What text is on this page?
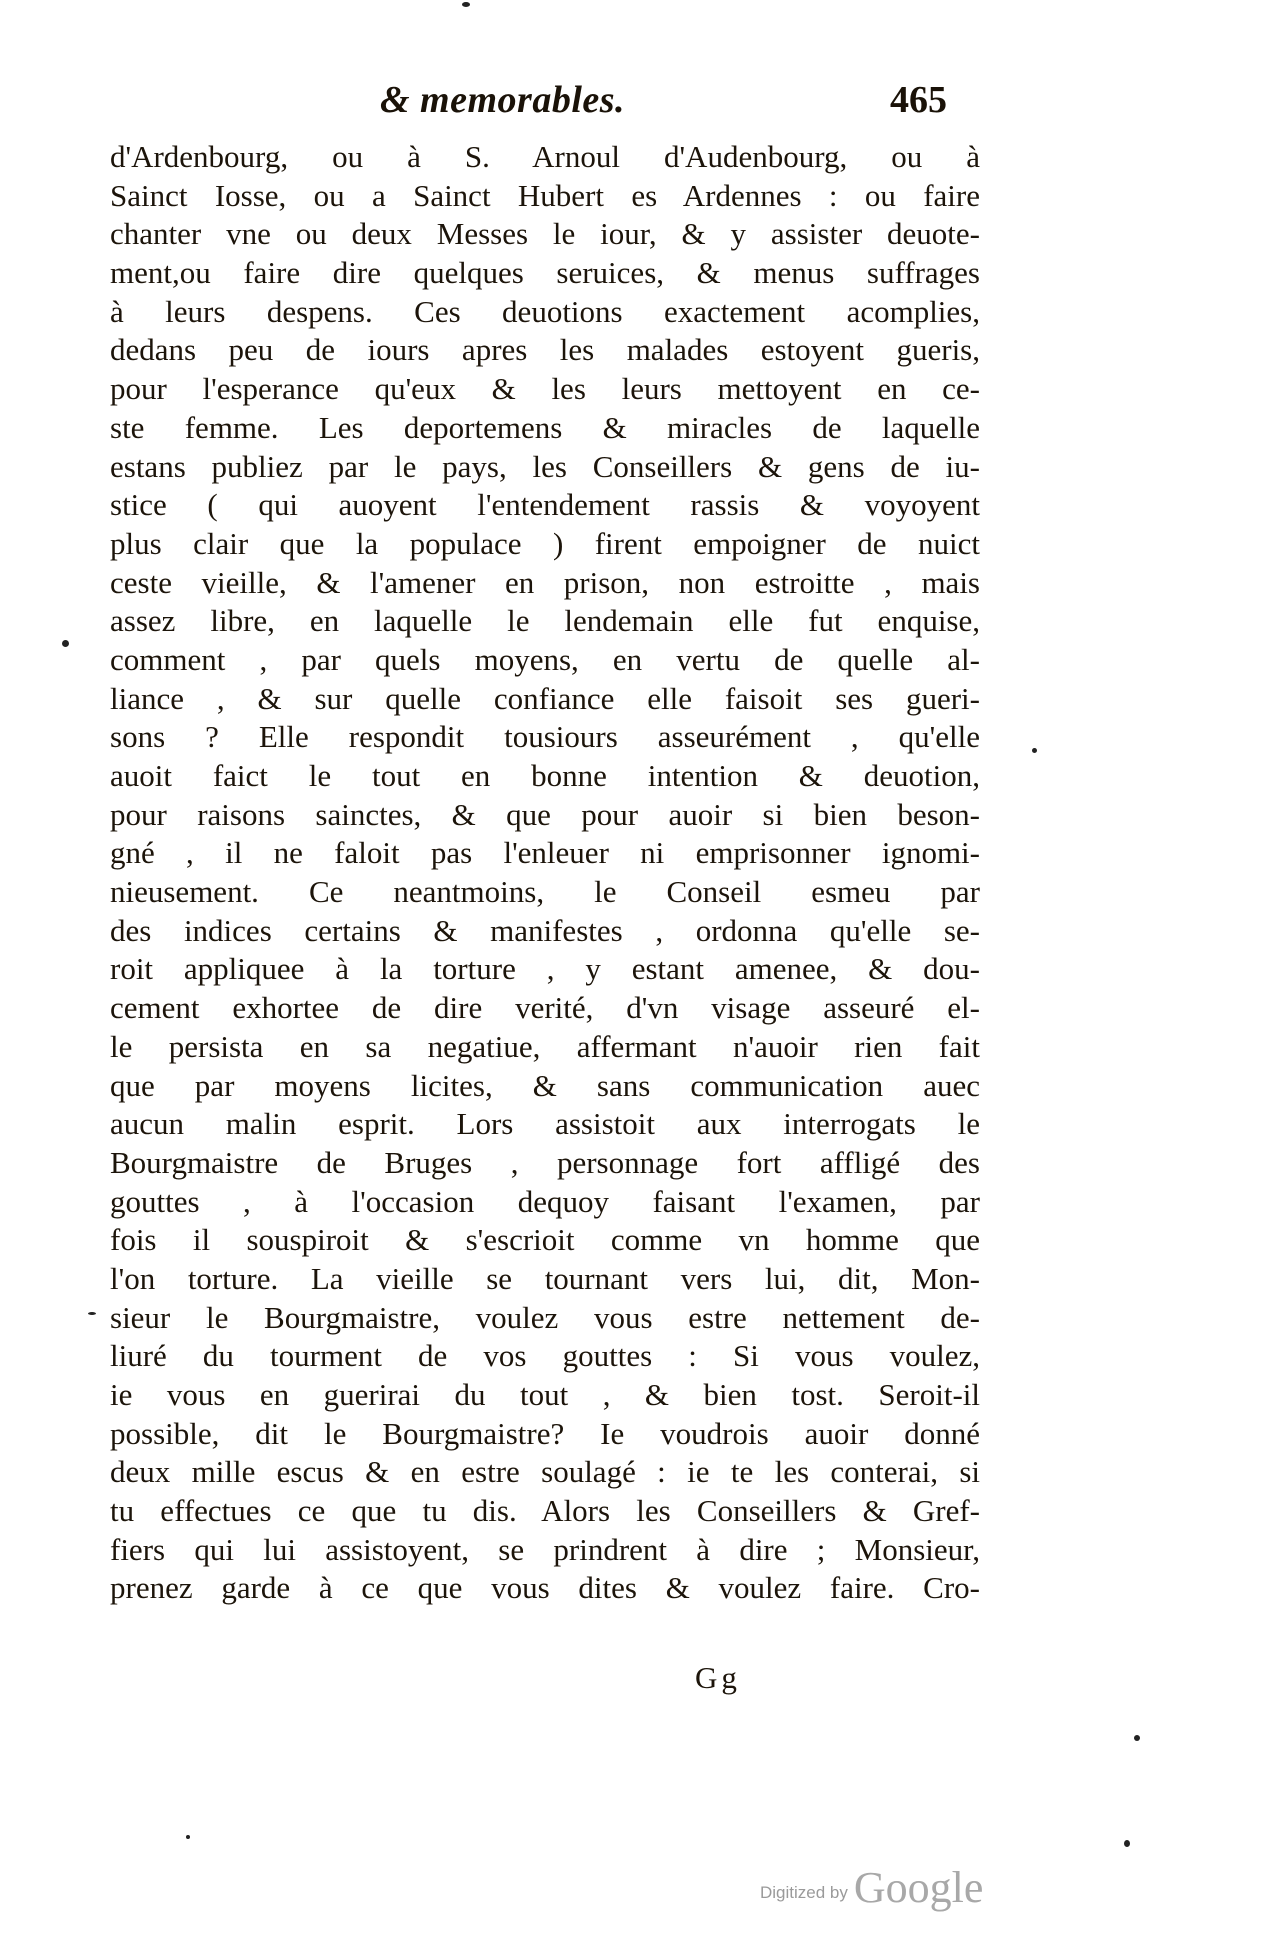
& memorables.	465
d'Ardenbourg, ou à S. Arnoul d'Audenbourg, ou à
Sainct Iosse, ou a Sainct Hubert es Ardennes : ou faire
chanter vne ou deux Messes le iour, & y assister deuote-
ment,ou faire dire quelques seruices, & menus suffrages
à leurs despens. Ces deuotions exactement acomplies,
dedans peu de iours apres les malades estoyent gueris,
pour l'esperance qu'eux & les leurs mettoyent en ce-
ste femme. Les deportemens & miracles de laquelle
estans publiez par le pays, les Conseillers & gens de iu-
stice ( qui auoyent l'entendement rassis & voyoyent
plus clair que la populace ) firent empoigner de nuict
ceste vieille, & l'amener en prison, non estroitte , mais
assez libre, en laquelle le lendemain elle fut enquise,
comment , par quels moyens, en vertu de quelle al-
liance , & sur quelle confiance elle faisoit ses gueri-
sons ? Elle respondit tousiours asseurément , qu'elle
auoit faict le tout en bonne intention & deuotion,
pour raisons sainctes, & que pour auoir si bien beson-
gné , il ne faloit pas l'enleuer ni emprisonner ignomi-
nieusement. Ce neantmoins, le Conseil esmeu par
des indices certains & manifestes , ordonna qu'elle se-
roit appliquee à la torture , y estant amenee, & dou-
cement exhortee de dire verité, d'vn visage asseuré el-
le persista en sa negatiue, affermant n'auoir rien fait
que par moyens licites, & sans communication auec
aucun malin esprit. Lors assistoit aux interrogats le
Bourgmaistre de Bruges , personnage fort affligé des
gouttes , à l'occasion dequoy faisant l'examen, par
fois il souspiroit & s'escrioit comme vn homme que
l'on torture. La vieille se tournant vers lui, dit, Mon-
sieur le Bourgmaistre, voulez vous estre nettement de-
liuré du tourment de vos gouttes : Si vous voulez,
ie vous en guerirai du tout , & bien tost. Seroit-il
possible, dit le Bourgmaistre? Ie voudrois auoir donné
deux mille escus & en estre soulagé : ie te les conterai, si
tu effectues ce que tu dis. Alors les Conseillers & Gref-
fiers qui lui assistoyent, se prindrent à dire ; Monsieur,
prenez garde à ce que vous dites & voulez faire. Cro-
Gg
Digitized by Google
